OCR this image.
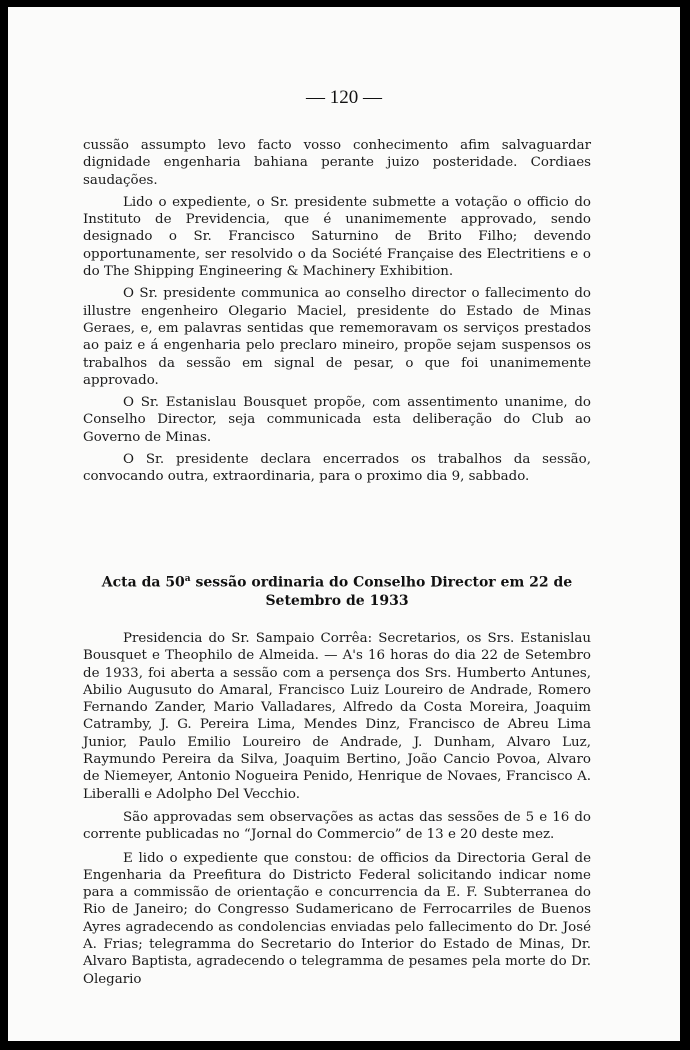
— 120 —

cussão assumpto levo facto vosso conhecimento afim salvaguardar dignidade engenharia bahiana perante juizo posteridade. Cordiaes saudações.

Lido o expediente, o Sr. presidente submette a votação o officio do Instituto de Previdencia, que é unanimemente approvado, sendo designado o Sr. Francisco Saturnino de Brito Filho; devendo opportunamente, ser resolvido o da Société Française des Electritiens e o do The Shipping Engineering & Machinery Exhibition.

O Sr. presidente communica ao conselho director o fallecimento do illustre engenheiro Olegario Maciel, presidente do Estado de Minas Geraes, e, em palavras sentidas que rememoravam os serviços prestados ao paiz e á engenharia pelo preclaro mineiro, propõe sejam suspensos os trabalhos da sessão em signal de pesar, o que foi unanimemente approvado.

O Sr. Estanislau Bousquet propõe, com assentimento unanime, do Conselho Director, seja communicada esta deliberação do Club ao Governo de Minas.

O Sr. presidente declara encerrados os trabalhos da sessão, convocando outra, extraordinaria, para o proximo dia 9, sabbado.

Acta da 50$^a$ sessão ordinaria do Conselho Director em 22 de Setembro de 1933

Presidencia do Sr. Sampaio Corrêa: Secretarios, os Srs. Estanislau Bousquet e Theophilo de Almeida. — A's 16 horas do dia 22 de Setembro de 1933, foi aberta a sessão com a persença dos Srs. Humberto Antunes, Abilio Augusuto do Amaral, Francisco Luiz Loureiro de Andrade, Romero Fernando Zander, Mario Valladares, Alfredo da Costa Moreira, Joaquim Catramby, J. G. Pereira Lima, Mendes Dinz, Francisco de Abreu Lima Junior, Paulo Emilio Loureiro de Andrade, J. Dunham, Alvaro Luz, Raymundo Pereira da Silva, Joaquim Bertino, João Cancio Povoa, Alvaro de Niemeyer, Antonio Nogueira Penido, Henrique de Novaes, Francisco A. Liberalli e Adolpho Del Vecchio.

São approvadas sem observações as actas das sessões de 5 e 16 do corrente publicadas no “Jornal do Commercio” de 13 e 20 deste mez.

E lido o expediente que constou: de officios da Directoria Geral de Engenharia da Preefitura do Districto Federal solicitando indicar nome para a commissão de orientação e concurrencia da E. F. Subterranea do Rio de Janeiro; do Congresso Sudamericano de Ferrocarriles de Buenos Ayres agradecendo as condolencias enviadas pelo fallecimento do Dr. José A. Frias; telegramma do Secretario do Interior do Estado de Minas, Dr. Alvaro Baptista, agradecendo o telegramma de pesames pela morte do Dr. Olegario
